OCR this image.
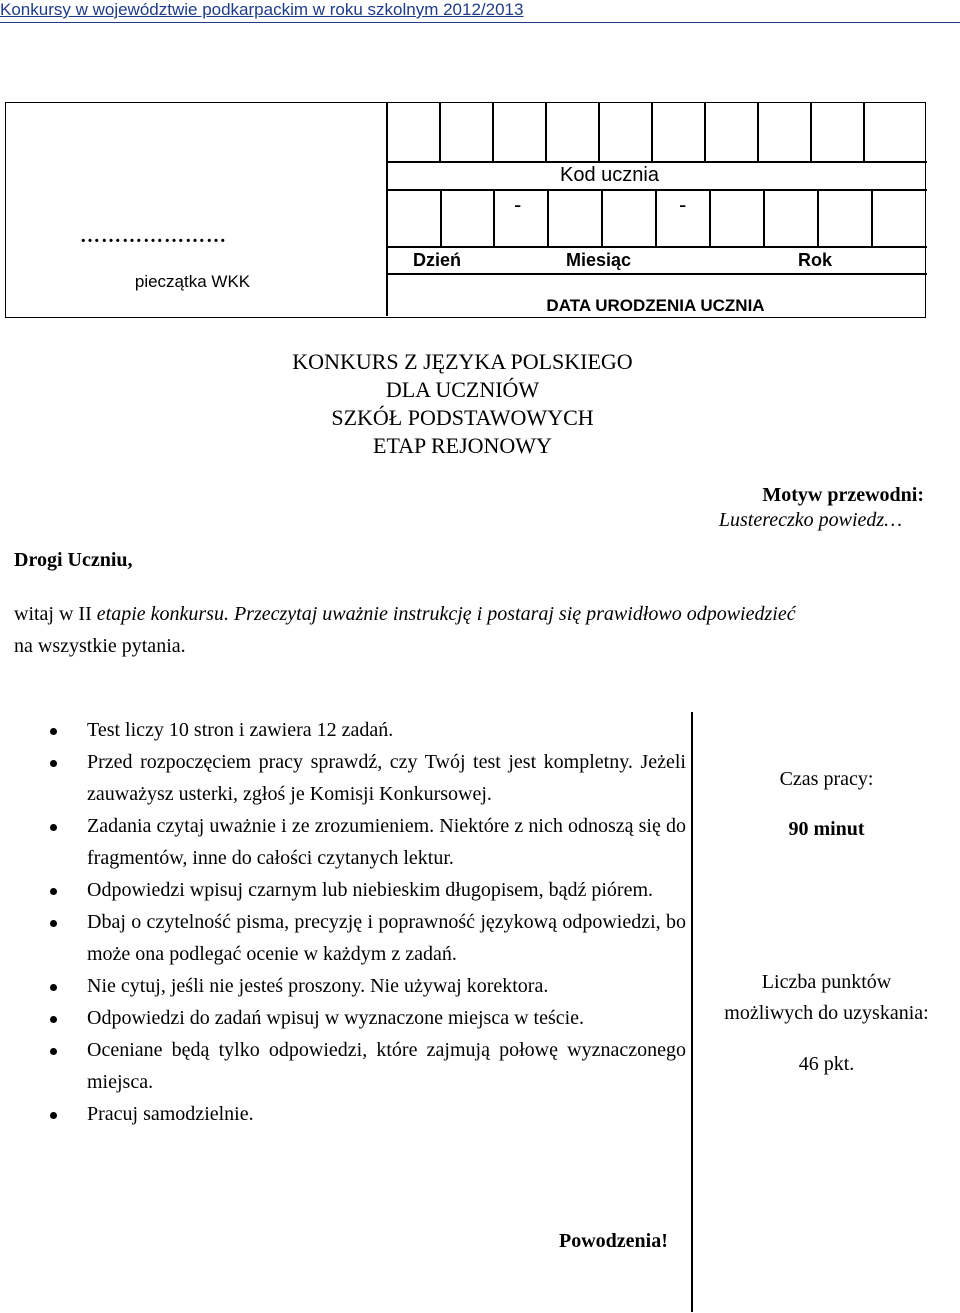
Konkursy w województwie podkarpackim w roku szkolnym 2012/2013
…………………
pieczątka WKK
Kod ucznia
-	-
Dzień	Miesiąc	Rok
DATA URODZENIA UCZNIA
KONKURS Z JĘZYKA POLSKIEGO
DLA UCZNIÓW
SZKÓŁ PODSTAWOWYCH
ETAP REJONOWY
Motyw przewodni:
Lustereczko powiedz…
Drogi Uczniu,
witaj w II etapie konkursu. Przeczytaj uważnie instrukcję i postaraj się prawidłowo odpowiedzieć
na wszystkie pytania.
Test liczy 10 stron i zawiera 12 zadań.
Przed rozpoczęciem pracy sprawdź, czy Twój test jest kompletny. Jeżeli zauważysz usterki, zgłoś je Komisji Konkursowej.
Zadania czytaj uważnie i ze zrozumieniem. Niektóre z nich odnoszą się do fragmentów, inne do całości czytanych lektur.
Odpowiedzi wpisuj czarnym lub niebieskim długopisem, bądź piórem.
Dbaj o czytelność pisma, precyzję i poprawność językową odpowiedzi, bo może ona podlegać ocenie w każdym z zadań.
Nie cytuj, jeśli nie jesteś proszony. Nie używaj korektora.
Odpowiedzi do zadań wpisuj w wyznaczone miejsca w teście.
Oceniane będą tylko odpowiedzi, które zajmują połowę wyznaczonego miejsca.
Pracuj samodzielnie.
Czas pracy:
90 minut
Liczba punktów
możliwych do uzyskania:
46 pkt.
Powodzenia!
